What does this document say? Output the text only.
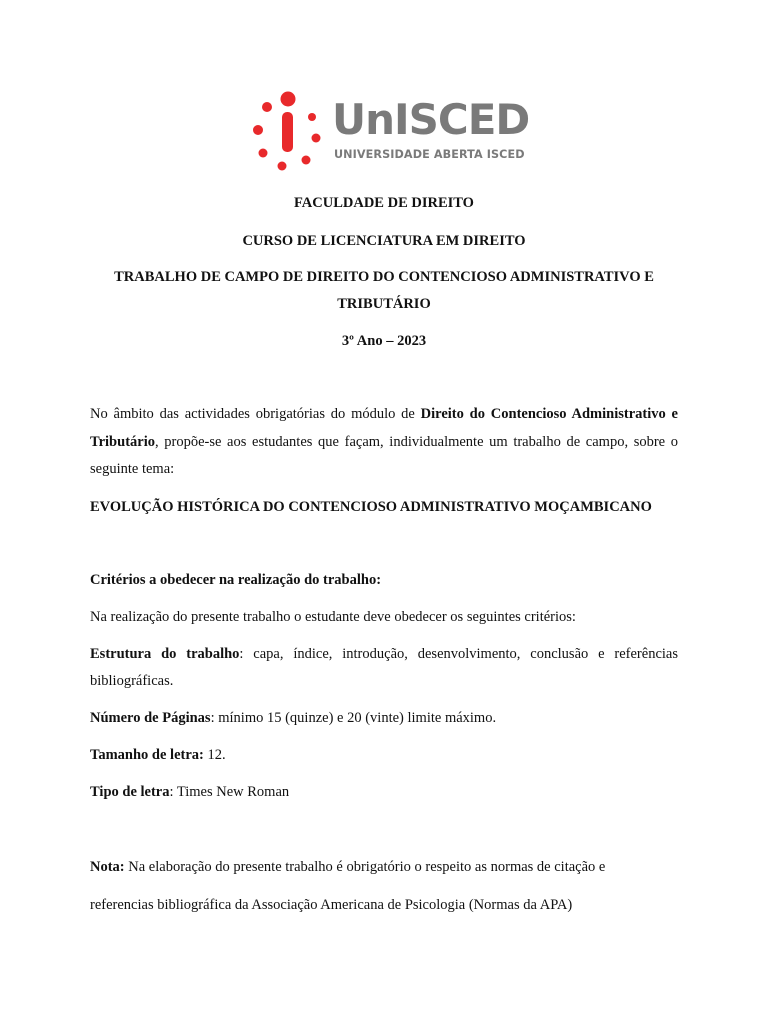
UnISCED
UNIVERSIDADE ABERTA ISCED
FACULDADE DE DIREITO
CURSO DE LICENCIATURA EM DIREITO
TRABALHO DE CAMPO DE DIREITO DO CONTENCIOSO ADMINISTRATIVO E
TRIBUTÁRIO
3º Ano – 2023
No âmbito das actividades obrigatórias do módulo de Direito do Contencioso Administrativo e
Tributário, propõe-se aos estudantes que façam, individualmente um trabalho de campo, sobre o
seguinte tema:
EVOLUÇÃO HISTÓRICA DO CONTENCIOSO ADMINISTRATIVO MOÇAMBICANO
Critérios a obedecer na realização do trabalho:
Na realização do presente trabalho o estudante deve obedecer os seguintes critérios:
Estrutura do trabalho: capa, índice, introdução, desenvolvimento, conclusão e referências
bibliográficas.
Número de Páginas: mínimo 15 (quinze) e 20 (vinte) limite máximo.
Tamanho de letra: 12.
Tipo de letra: Times New Roman
Nota: Na elaboração do presente trabalho é obrigatório o respeito as normas de citação e
referencias bibliográfica da Associação Americana de Psicologia (Normas da APA)
